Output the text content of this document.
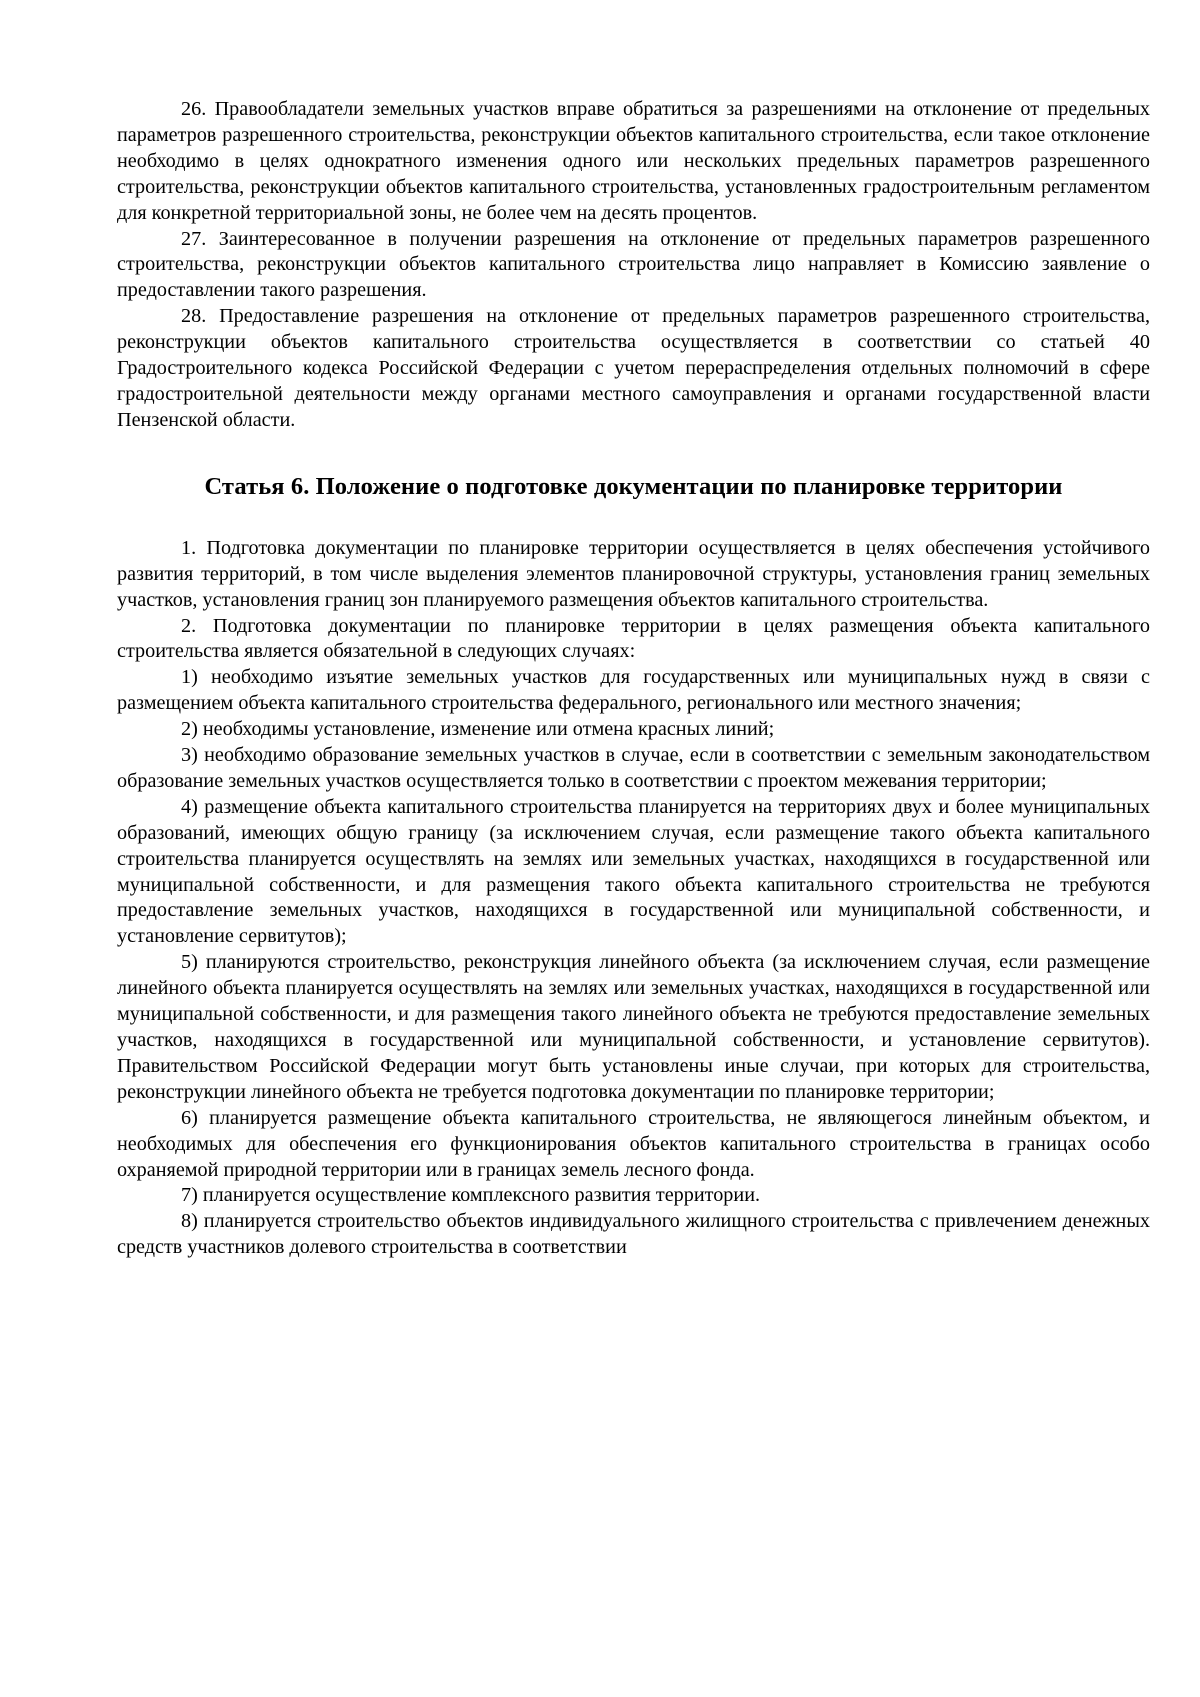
26. Правообладатели земельных участков вправе обратиться за разрешениями на отклонение от предельных параметров разрешенного строительства, реконструкции объектов капитального строительства, если такое отклонение необходимо в целях однократного изменения одного или нескольких предельных параметров разрешенного строительства, реконструкции объектов капитального строительства, установленных градостроительным регламентом для конкретной территориальной зоны, не более чем на десять процентов.

27. Заинтересованное в получении разрешения на отклонение от предельных параметров разрешенного строительства, реконструкции объектов капитального строительства лицо направляет в Комиссию заявление о предоставлении такого разрешения.

28. Предоставление разрешения на отклонение от предельных параметров разрешенного строительства, реконструкции объектов капитального строительства осуществляется в соответствии со статьей 40 Градостроительного кодекса Российской Федерации с учетом перераспределения отдельных полномочий в сфере градостроительной деятельности между органами местного самоуправления и органами государственной власти Пензенской области.

Статья 6. Положение о подготовке документации по планировке территории

1. Подготовка документации по планировке территории осуществляется в целях обеспечения устойчивого развития территорий, в том числе выделения элементов планировочной структуры, установления границ земельных участков, установления границ зон планируемого размещения объектов капитального строительства.

2. Подготовка документации по планировке территории в целях размещения объекта капитального строительства является обязательной в следующих случаях:

1) необходимо изъятие земельных участков для государственных или муниципальных нужд в связи с размещением объекта капитального строительства федерального, регионального или местного значения;

2) необходимы установление, изменение или отмена красных линий;

3) необходимо образование земельных участков в случае, если в соответствии с земельным законодательством образование земельных участков осуществляется только в соответствии с проектом межевания территории;

4) размещение объекта капитального строительства планируется на территориях двух и более муниципальных образований, имеющих общую границу (за исключением случая, если размещение такого объекта капитального строительства планируется осуществлять на землях или земельных участках, находящихся в государственной или муниципальной собственности, и для размещения такого объекта капитального строительства не требуются предоставление земельных участков, находящихся в государственной или муниципальной собственности, и установление сервитутов);

5) планируются строительство, реконструкция линейного объекта (за исключением случая, если размещение линейного объекта планируется осуществлять на землях или земельных участках, находящихся в государственной или муниципальной собственности, и для размещения такого линейного объекта не требуются предоставление земельных участков, находящихся в государственной или муниципальной собственности, и установление сервитутов). Правительством Российской Федерации могут быть установлены иные случаи, при которых для строительства, реконструкции линейного объекта не требуется подготовка документации по планировке территории;

6) планируется размещение объекта капитального строительства, не являющегося линейным объектом, и необходимых для обеспечения его функционирования объектов капитального строительства в границах особо охраняемой природной территории или в границах земель лесного фонда.

7) планируется осуществление комплексного развития территории.

8) планируется строительство объектов индивидуального жилищного строительства с привлечением денежных средств участников долевого строительства в соответствии
